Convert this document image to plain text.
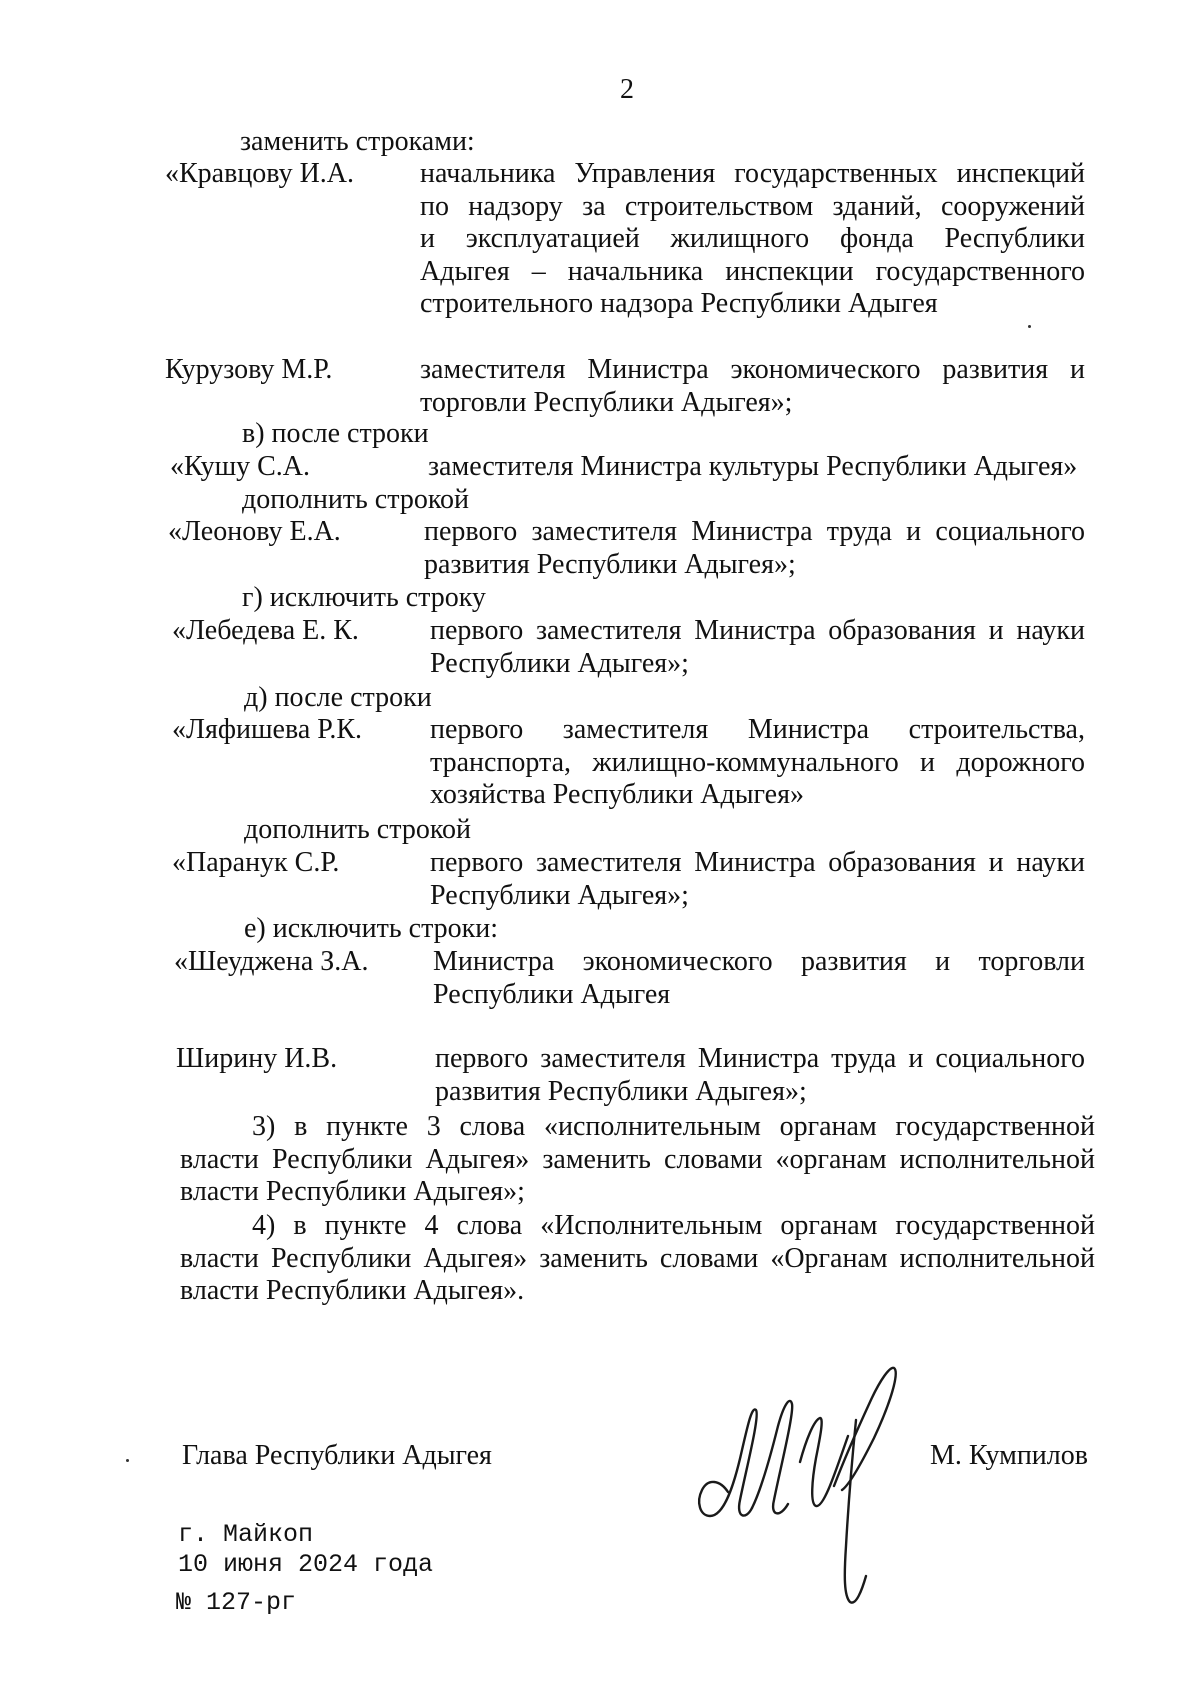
2
заменить строками:
«Кравцову И.А. начальника Управления государственных инспекций
по надзору за строительством зданий, сооружений
и эксплуатацией жилищного фонда Республики
Адыгея – начальника инспекции государственного
строительного надзора Республики Адыгея
Курузову М.Р.	заместителя Министра экономического развития и
торговли Республики Адыгея»;
в) после строки
«Кушу С.А.	заместителя Министра культуры Республики Адыгея»
дополнить строкой
«Леонову Е.А.	первого заместителя Министра труда и социального
развития Республики Адыгея»;
г) исключить строку
«Лебедева Е. К.	первого заместителя Министра образования и науки
Республики Адыгея»;
д) после строки
«Ляфишева Р.К. первого заместителя Министра строительства,
транспорта, жилищно-коммунального и дорожного
хозяйства Республики Адыгея»
дополнить строкой
«Паранук С.Р.	первого заместителя Министра образования и науки
Республики Адыгея»;
е) исключить строки:
«Шеуджена З.А. Министра экономического развития и торговли
Республики Адыгея
Ширину И.В.	первого заместителя Министра труда и социального
развития Республики Адыгея»;
3) в пункте 3 слова «исполнительным органам государственной
власти Республики Адыгея» заменить словами «органам исполнительной
власти Республики Адыгея»;
4) в пункте 4 слова «Исполнительным органам государственной
власти Республики Адыгея» заменить словами «Органам исполнительной
власти Республики Адыгея».
Глава Республики Адыгея	М. Кумпилов
г. Майкоп
10 июня 2024 года
№ 127-рг
